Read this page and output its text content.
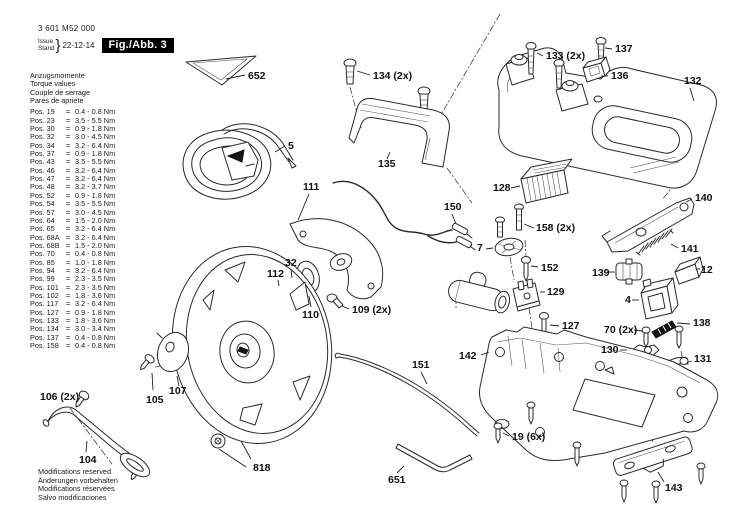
3 601 M52 000
Issue
Stand } 22-12-14	Fig./Abb. 3
Anzugsmomente
Torque values
Couple de serrage
Pares de apriete
Pos. 19	= 0.4 - 0.8 Nm
Pos. 23	= 3.5 - 5.5 Nm
Pos. 30	= 0.9 - 1.8 Nm
Pos. 32	= 3.0 - 4.5 Nm
Pos. 34	= 3.2 - 6.4 Nm
Pos. 37	= 0.9 - 1.8 Nm
Pos. 43	= 3.5 - 5.5 Nm
Pos. 46	= 3.2 - 6.4 Nm
Pos. 47	= 3.2 - 6.4 Nm
Pos. 48	= 3.2 - 3.7 Nm
Pos. 52	= 0.9 - 1.8 Nm
Pos. 54	= 3.5 - 5.5 Nm
Pos. 57	= 3.0 - 4.5 Nm
Pos. 64	= 1.5 - 2.0 Nm
Pos. 65	= 3.2 - 6.4 Nm
Pos. 68A = 3.2 - 6.4 Nm
Pos. 68B = 1.5 - 2.0 Nm
Pos. 70	= 0.4 - 0.8 Nm
Pos. 85	= 1.0 - 1.8 Nm
Pos. 94	= 3.2 - 6.4 Nm
Pos. 99	= 2.3 - 3.5 Nm
Pos. 101 = 2.3 - 3.5 Nm
Pos. 102 = 1.8 - 3.6 Nm
Pos. 117	= 3.2 - 6.4 Nm
Pos. 127 = 0.9 - 1.8 Nm
Pos. 133 = 1.8 - 3.6 Nm
Pos. 134 = 3.0 - 3.4 Nm
Pos. 137 = 0.4 - 0.8 Nm
Pos. 158 = 0.4 - 0.8 Nm
Modifications reserved
Änderungen vorbehalten
Modifications réservées
Salvo modificaciones
652	134 (2x)
133 (2x)
137
136	132
5
135
128
140
111
150
158 (2x)
7	141
139	12
152
129
4
32
112
110	109 (2x)
127 70 (2x)
138
130
131
142
151
19 (6x)
818
651
143
106 (2x)
104
105
107
